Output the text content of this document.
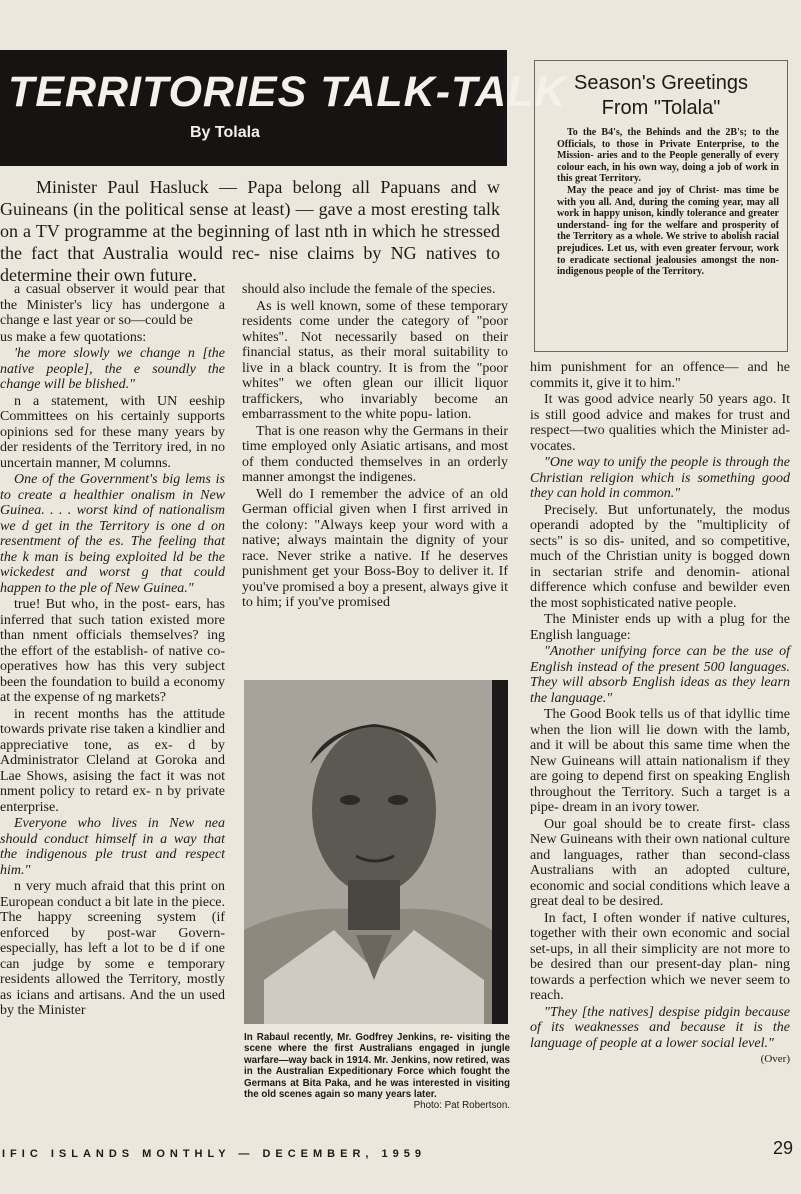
TERRITORIES TALK-TALK
By Tolala

Minister Paul Hasluck — Papa belong all Papuans and w Guineans (in the political sense at least) — gave a most eresting talk on a TV programme at the beginning of last nth in which he stressed the fact that Australia would rec- nise claims by NG natives to determine their own future.

a casual observer it would pear that the Minister's licy has undergone a change e last year or so—could be

us make a few quotations:

'he more slowly we change n [the native people], the e soundly the change will be blished."

n a statement, with UN eeship Committees on his certainly supports opinions sed for these many years by der residents of the Territory ired, in no uncertain manner, M columns.

One of the Government's big lems is to create a healthier onalism in New Guinea. . . . worst kind of nationalism we d get in the Territory is one d on resentment of the es. The feeling that the k man is being exploited ld be the wickedest and worst g that could happen to the ple of New Guinea."

true! But who, in the post- ears, has inferred that such tation existed more than nment officials themselves? ing the effort of the establish- of native co-operatives how has this very subject been the foundation to build a economy at the expense of ng markets?

in recent months has the attitude towards private rise taken a kindlier and appreciative tone, as ex- d by Administrator Cleland at Goroka and Lae Shows, asising the fact it was not nment policy to retard ex- n by private enterprise.

Everyone who lives in New nea should conduct himself in a way that the indigenous ple trust and respect him."

n very much afraid that this print on European conduct a bit late in the piece. The happy screening system (if enforced by post-war Govern- especially, has left a lot to be d if one can judge by some e temporary residents allowed the Territory, mostly as icians and artisans. And the un used by the Minister

should also include the female of the species.

As is well known, some of these temporary residents come under the category of "poor whites". Not necessarily based on their financial status, as their moral suitability to live in a black country. It is from the "poor whites" we often glean our illicit liquor traffickers, who invariably become an embarrassment to the white popu- lation.

That is one reason why the Germans in their time employed only Asiatic artisans, and most of them conducted themselves in an orderly manner amongst the indigenes.

Well do I remember the advice of an old German official given when I first arrived in the colony: "Always keep your word with a native; always maintain the dignity of your race. Never strike a native. If he deserves punishment get your Boss-Boy to deliver it. If you've promised a boy a present, always give it to him; if you've promised

him punishment for an offence— and he commits it, give it to him."

It was good advice nearly 50 years ago. It is still good advice and makes for trust and respect—two qualities which the Minister ad- vocates.

"One way to unify the people is through the Christian religion which is something good they can hold in common."

Precisely. But unfortunately, the modus operandi adopted by the "multiplicity of sects" is so dis- united, and so competitive, much of the Christian unity is bogged down in sectarian strife and denomin- ational difference which confuse and bewilder even the most sophisticated native people.

The Minister ends up with a plug for the English language:

"Another unifying force can be the use of English instead of the present 500 languages. They will absorb English ideas as they learn the language."

The Good Book tells us of that idyllic time when the lion will lie down with the lamb, and it will be about this same time when the New Guineans will attain nationalism if they are going to depend first on speaking English throughout the Territory. Such a target is a pipe- dream in an ivory tower.

Our goal should be to create first- class New Guineans with their own national culture and languages, rather than second-class Australians with an adopted culture, economic and social conditions which leave a great deal to be desired.

In fact, I often wonder if native cultures, together with their own economic and social set-ups, in all their simplicity are not more to be desired than our present-day plan- ning towards a perfection which we never seem to reach.

"They [the natives] despise pidgin because of its weaknesses and because it is the language of people at a lower social level."

(Over)
Season's Greetings
From "Tolala"

To the B4's, the Behinds and the 2B's; to the Officials, to those in Private Enterprise, to the Mission- aries and to the People generally of every colour each, in his own way, doing a job of work in this great Territory.

May the peace and joy of Christ- mas time be with you all. And, during the coming year, may all work in happy unison, kindly tolerance and greater understand- ing for the welfare and prosperity of the Territory as a whole. We strive to abolish racial prejudices. Let us, with even greater fervour, work to eradicate sectional jealousies amongst the non- indigenous people of the Territory.

In Rabaul recently, Mr. Godfrey Jenkins, re- visiting the scene where the first Australians engaged in jungle warfare—way back in 1914. Mr. Jenkins, now retired, was in the Australian Expeditionary Force which fought the Germans at Bita Paka, and he was interested in visiting the old scenes again so many years later.
Photo: Pat Robertson.
IFIC ISLANDS MONTHLY — DECEMBER, 1959	29
